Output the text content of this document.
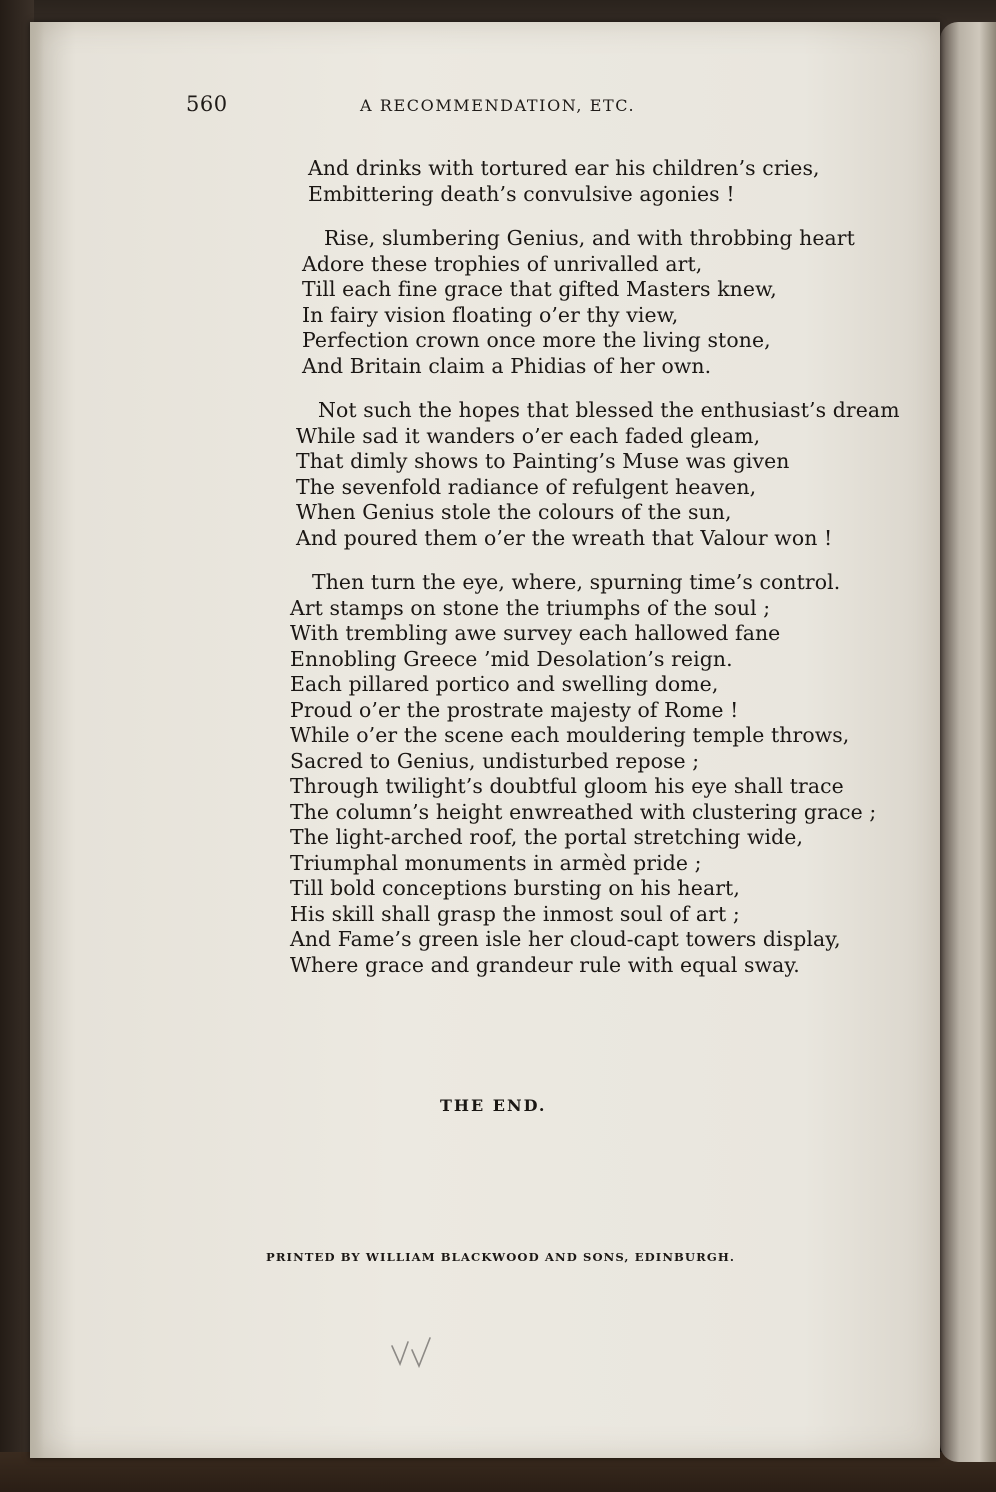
560	A RECOMMENDATION, ETC.
And drinks with tortured ear his children’s cries,
Embittering death’s convulsive agonies !
Rise, slumbering Genius, and with throbbing heart
Adore these trophies of unrivalled art,
Till each fine grace that gifted Masters knew,
In fairy vision floating o’er thy view,
Perfection crown once more the living stone,
And Britain claim a Phidias of her own.
Not such the hopes that blessed the enthusiast’s dream
While sad it wanders o’er each faded gleam,
That dimly shows to Painting’s Muse was given
The sevenfold radiance of refulgent heaven,
When Genius stole the colours of the sun,
And poured them o’er the wreath that Valour won !
Then turn the eye, where, spurning time’s control.
Art stamps on stone the triumphs of the soul ;
With trembling awe survey each hallowed fane
Ennobling Greece ’mid Desolation’s reign.
Each pillared portico and swelling dome,
Proud o’er the prostrate majesty of Rome !
While o’er the scene each mouldering temple throws,
Sacred to Genius, undisturbed repose ;
Through twilight’s doubtful gloom his eye shall trace
The column’s height enwreathed with clustering grace ;
The light-arched roof, the portal stretching wide,
Triumphal monuments in armèd pride ;
Till bold conceptions bursting on his heart,
His skill shall grasp the inmost soul of art ;
And Fame’s green isle her cloud-capt towers display,
Where grace and grandeur rule with equal sway.
THE END.
PRINTED BY WILLIAM BLACKWOOD AND SONS, EDINBURGH.
